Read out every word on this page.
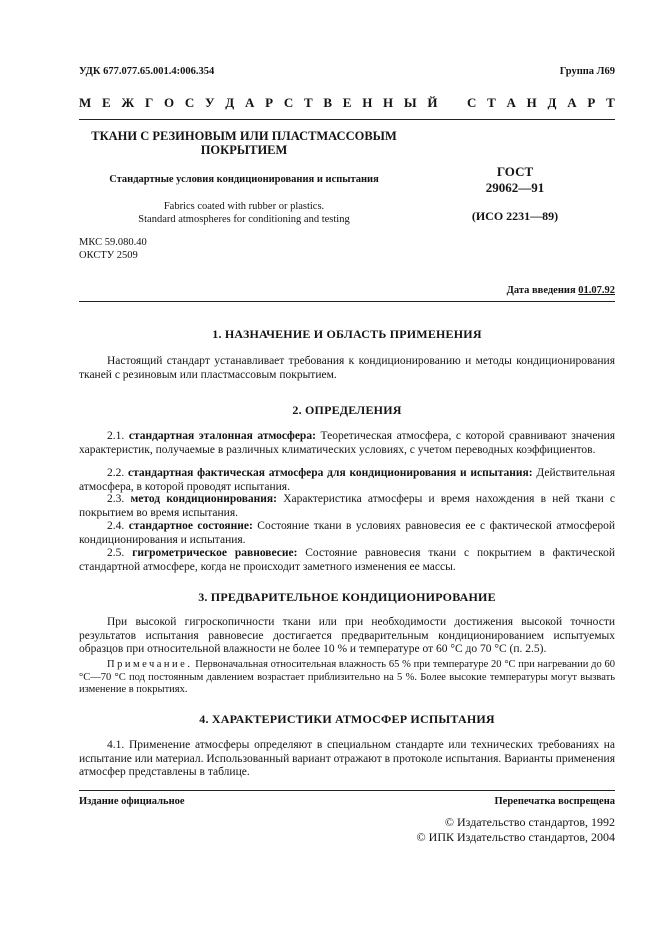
УДК 677.077.65.001.4:006.354	Группа Л69
М Е Ж Г О С У Д А Р С Т В Е Н Н Ы Й С Т А Н Д А Р Т
ТКАНИ С РЕЗИНОВЫМ ИЛИ ПЛАСТМАССОВЫМ
ПОКРЫТИЕМ
Стандартные условия кондиционирования и испытания
Fabrics coated with rubber or plastics.
Standard atmospheres for conditioning and testing
ГОСТ
29062—91
(ИСО 2231—89)
МКС 59.080.40
ОКСТУ 2509
Дата введения 01.07.92
1. НАЗНАЧЕНИЕ И ОБЛАСТЬ ПРИМЕНЕНИЯ
Настоящий стандарт устанавливает требования к кондиционированию и методы кондиционирования тканей с резиновым или пластмассовым покрытием.
2. ОПРЕДЕЛЕНИЯ
2.1. стандартная эталонная атмосфера: Теоретическая атмосфера, с которой сравнивают значения характеристик, получаемые в различных климатических условиях, с учетом переводных коэффициентов.
2.2. стандартная фактическая атмосфера для кондиционирования и испытания: Действительная атмосфера, в которой проводят испытания.
2.3. метод кондиционирования: Характеристика атмосферы и время нахождения в ней ткани с покрытием во время испытания.
2.4. стандартное состояние: Состояние ткани в условиях равновесия ее с фактической атмосферой кондиционирования и испытания.
2.5. гигрометрическое равновесие: Состояние равновесия ткани с покрытием в фактической стандартной атмосфере, когда не происходит заметного изменения ее массы.
3. ПРЕДВАРИТЕЛЬНОЕ КОНДИЦИОНИРОВАНИЕ
При высокой гигроскопичности ткани или при необходимости достижения высокой точности результатов испытания равновесие достигается предварительным кондиционированием испытуемых образцов при относительной влажности не более 10 % и температуре от 60 °С до 70 °С (п. 2.5).
Примечание. Первоначальная относительная влажность 65 % при температуре 20 °С при нагревании до 60 °С—70 °С под постоянным давлением возрастает приблизительно на 5 %. Более высокие температуры могут вызвать изменение в покрытиях.
4. ХАРАКТЕРИСТИКИ АТМОСФЕР ИСПЫТАНИЯ
4.1. Применение атмосферы определяют в специальном стандарте или технических требованиях на испытание или материал. Использованный вариант отражают в протоколе испытания. Варианты применения атмосфер представлены в таблице.
Издание официальное	Перепечатка воспрещена
© Издательство стандартов, 1992
© ИПК Издательство стандартов, 2004
